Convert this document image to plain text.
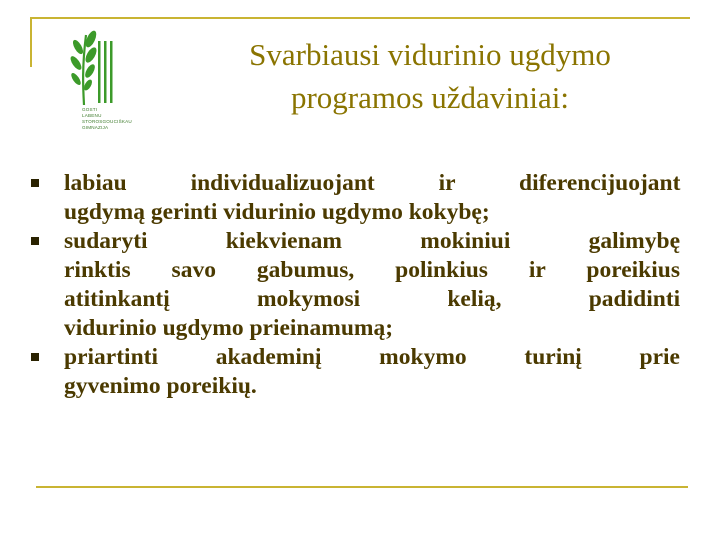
GOSTI
LABENU
STOROSGOUCIŠKAU
GIMNAZIJA
Svarbiausi vidurinio ugdymo
programos uždaviniai:
labiau individualizuojant ir diferencijuojant
ugdymą gerinti vidurinio ugdymo kokybę;
sudaryti kiekvienam mokiniui galimybę
rinktis savo gabumus, polinkius ir poreikius
atitinkantį mokymosi kelią, padidinti
vidurinio ugdymo prieinamumą;
priartinti akademinį mokymo turinį prie
gyvenimo poreikių.
